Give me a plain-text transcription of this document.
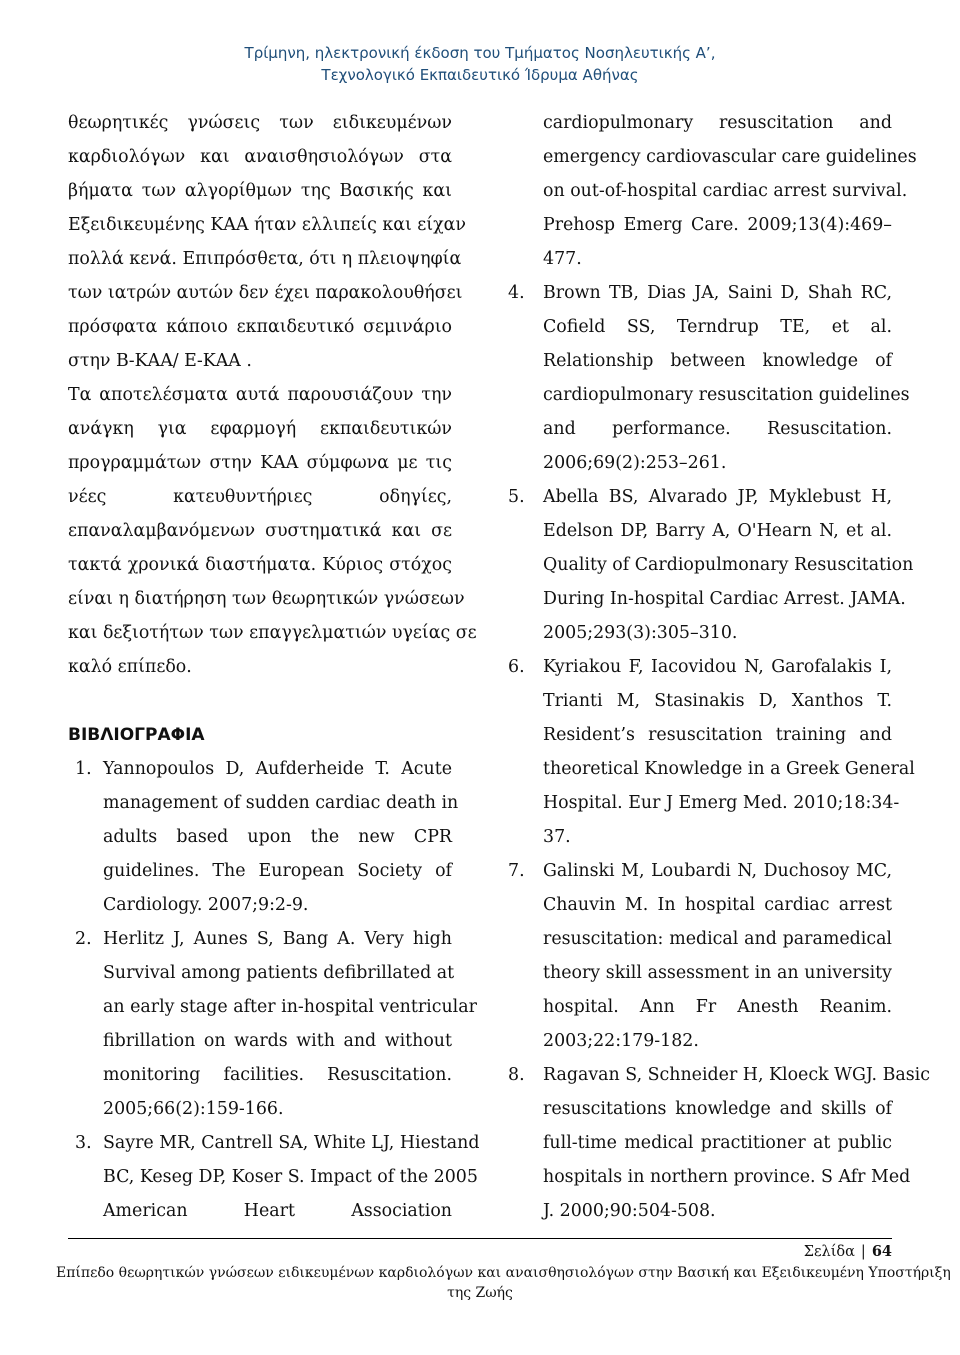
Τρίμηνη, ηλεκτρονική έκδοση του Τμήματος Νοσηλευτικής Α’,
Τεχνολογικό Εκπαιδευτικό Ίδρυμα Αθήνας
θεωρητικές γνώσεις των ειδικευμένων
καρδιολόγων και αναισθησιολόγων στα
βήματα των αλγορίθμων της Βασικής και
Εξειδικευμένης ΚΑΑ ήταν ελλιπείς και είχαν
πολλά κενά. Επιπρόσθετα, ότι η πλειοψηφία
των ιατρών αυτών δεν έχει παρακολουθήσει
πρόσφατα κάποιο εκπαιδευτικό σεμινάριο
στην Β-ΚΑΑ/ Ε-ΚΑΑ .
Τα αποτελέσματα αυτά παρουσιάζουν την
ανάγκη για εφαρμογή εκπαιδευτικών
προγραμμάτων στην ΚΑΑ σύμφωνα με τις
νέες κατευθυντήριες οδηγίες,
επαναλαμβανόμενων συστηματικά και σε
τακτά χρονικά διαστήματα. Κύριος στόχος
είναι η διατήρηση των θεωρητικών γνώσεων
και δεξιοτήτων των επαγγελματιών υγείας σε
καλό επίπεδο.
ΒΙΒΛΙΟΓΡΑΦΙΑ
1. Yannopoulos D, Aufderheide T. Acute
management of sudden cardiac death in
adults based upon the new CPR
guidelines. The European Society of
Cardiology. 2007;9:2-9.
2. Herlitz J, Aunes S, Bang A. Very high
Survival among patients defibrillated at
an early stage after in-hospital ventricular
fibrillation on wards with and without
monitoring facilities. Resuscitation.
2005;66(2):159-166.
3. Sayre MR, Cantrell SA, White LJ, Hiestand
BC, Keseg DP, Koser S. Impact of the 2005
American Heart Association
cardiopulmonary resuscitation and
emergency cardiovascular care guidelines
on out-of-hospital cardiac arrest survival.
Prehosp Emerg Care. 2009;13(4):469–
477.
4.	Brown TB, Dias JA, Saini D, Shah RC,
Cofield SS, Terndrup TE, et al.
Relationship between knowledge of
cardiopulmonary resuscitation guidelines
and performance. Resuscitation.
2006;69(2):253–261.
5.	Abella BS, Alvarado JP, Myklebust H,
Edelson DP, Barry A, O'Hearn N, et al.
Quality of Cardiopulmonary Resuscitation
During In-hospital Cardiac Arrest. JAMA.
2005;293(3):305–310.
6.	Kyriakou F, Iacovidou N, Garofalakis I,
Trianti M, Stasinakis D, Xanthos T.
Resident’s resuscitation training and
theoretical Knowledge in a Greek General
Hospital. Eur J Emerg Med. 2010;18:34-
37.
7.	Galinski M, Loubardi N, Duchosoy MC,
Chauvin M. In hospital cardiac arrest
resuscitation: medical and paramedical
theory skill assessment in an university
hospital. Ann Fr Anesth Reanim.
2003;22:179-182.
8.	Ragavan S, Schneider H, Kloeck WGJ. Basic
resuscitations knowledge and skills of
full-time medical practitioner at public
hospitals in northern province. S Afr Med
J. 2000;90:504-508.
Σελίδα | 64
Επίπεδο θεωρητικών γνώσεων ειδικευμένων καρδιολόγων και αναισθησιολόγων στην Βασική και Εξειδικευμένη Υποστήριξη
της Ζωής
